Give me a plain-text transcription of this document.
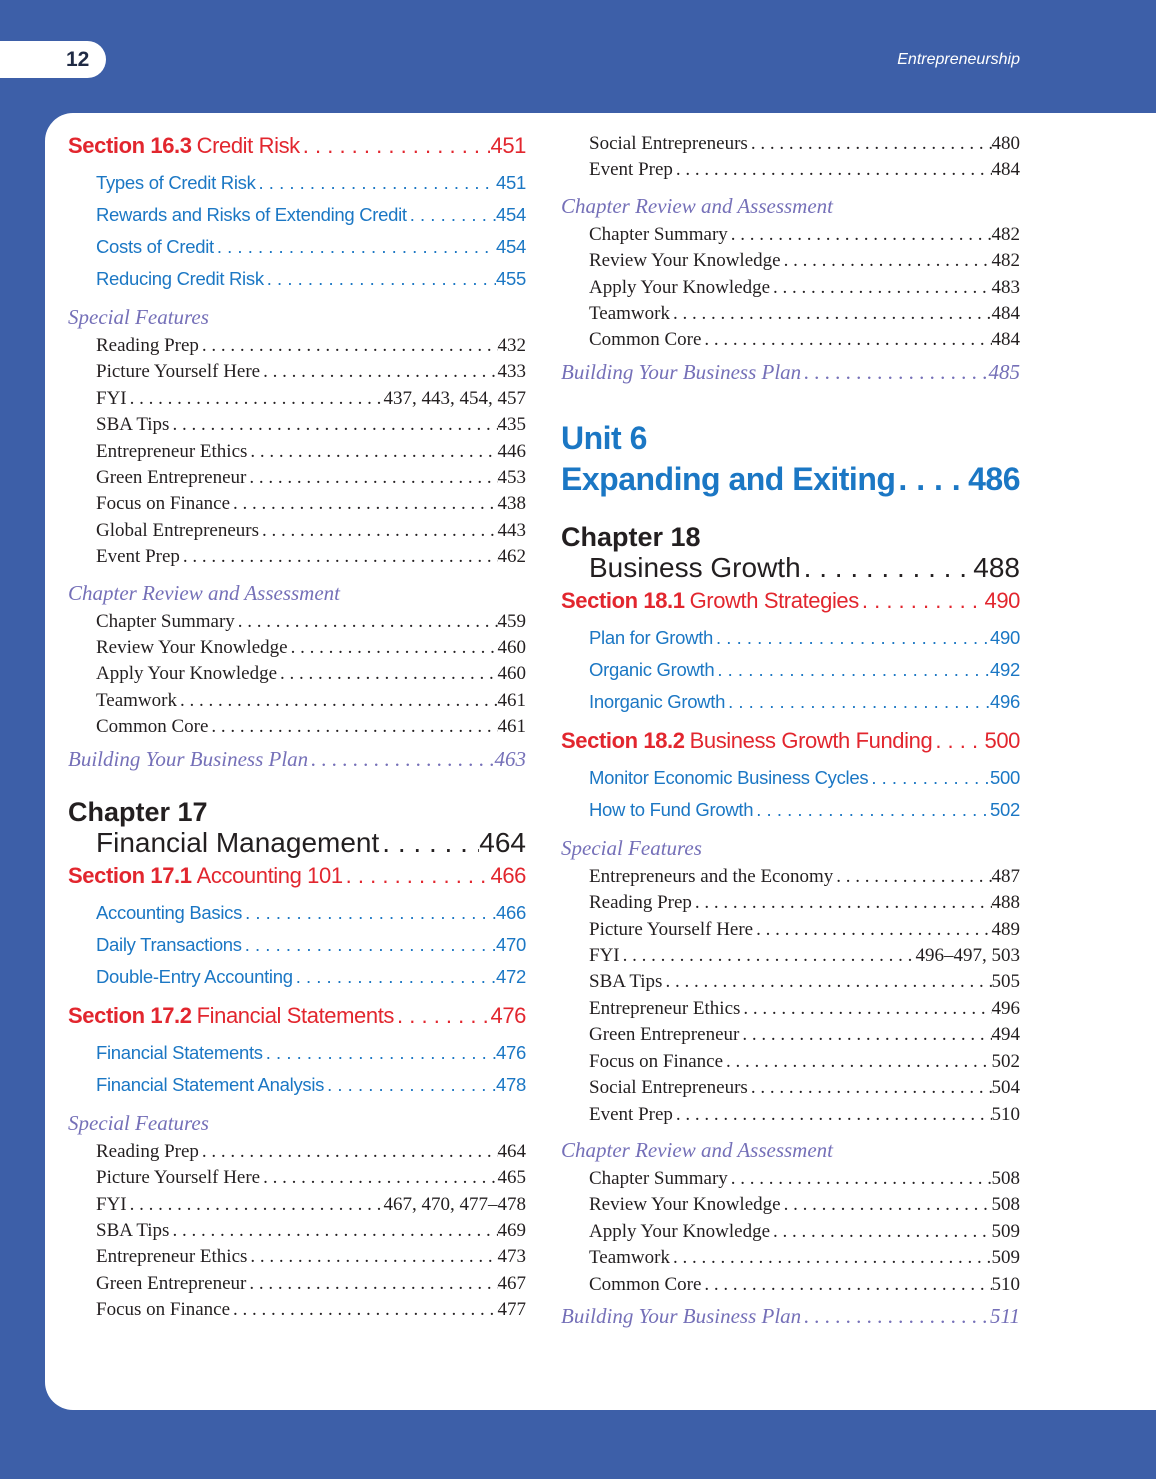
12	Entrepreneurship
Section 16.3 Credit Risk . . .	451
Types of Credit Risk . . .	451
Rewards and Risks of Extending Credit . . .	454
Costs of Credit . . .	454
Reducing Credit Risk . . .	455
Special Features
Reading Prep . . .	432
Picture Yourself Here . . .	433
FYI . . .	437, 443, 454, 457
SBA Tips . . .	435
Entrepreneur Ethics . . .	446
Green Entrepreneur . . .	453
Focus on Finance . . .	438
Global Entrepreneurs . . .	443
Event Prep . . .	462
Chapter Review and Assessment
Chapter Summary . . .	459
Review Your Knowledge . . .	460
Apply Your Knowledge . . .	460
Teamwork . . .	461
Common Core . . .	461
Building Your Business Plan . . .	463
Chapter 17
Financial Management . . .	464
Section 17.1 Accounting 101 . . .	466
Accounting Basics . . .	466
Daily Transactions . . .	470
Double-Entry Accounting . . .	472
Section 17.2 Financial Statements . . .	476
Financial Statements . . .	476
Financial Statement Analysis . . .	478
Special Features
Reading Prep . . .	464
Picture Yourself Here . . .	465
FYI . . .	467, 470, 477–478
SBA Tips . . .	469
Entrepreneur Ethics . . .	473
Green Entrepreneur . . .	467
Focus on Finance . . .	477
Social Entrepreneurs . . .	480
Event Prep . . .	484
Chapter Review and Assessment
Chapter Summary . . .	482
Review Your Knowledge . . .	482
Apply Your Knowledge . . .	483
Teamwork . . .	484
Common Core . . .	484
Building Your Business Plan . . .	485
Unit 6
Expanding and Exiting . . . 486
Chapter 18
Business Growth . . .	488
Section 18.1 Growth Strategies . . .	490
Plan for Growth . . .	490
Organic Growth . . .	492
Inorganic Growth . . .	496
Section 18.2 Business Growth Funding . . . 500
Monitor Economic Business Cycles . . .	500
How to Fund Growth . . .	502
Special Features
Entrepreneurs and the Economy . . .	487
Reading Prep . . .	488
Picture Yourself Here . . .	489
FYI . . .	496–497, 503
SBA Tips . . .	505
Entrepreneur Ethics . . .	496
Green Entrepreneur . . .	494
Focus on Finance . . .	502
Social Entrepreneurs . . .	504
Event Prep . . .	510
Chapter Review and Assessment
Chapter Summary . . .	508
Review Your Knowledge . . .	508
Apply Your Knowledge . . .	509
Teamwork . . .	509
Common Core . . .	510
Building Your Business Plan . . .	511
